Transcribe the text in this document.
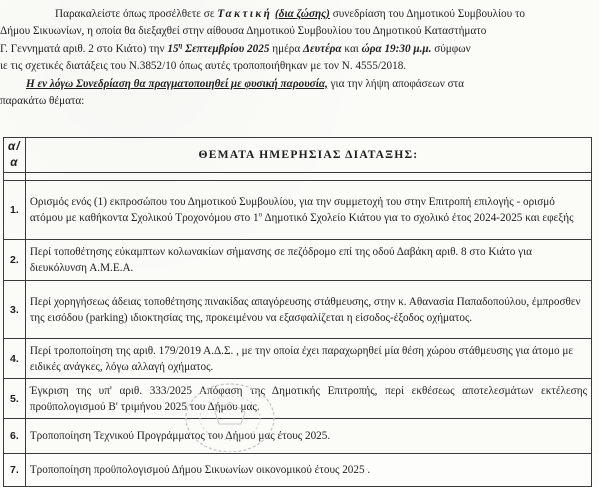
Παρακαλείστε όπως προσέλθετε σε Τακτική (δια ζώσης) συνεδρίαση του Δημοτικού Συμβουλίου το
Δήμου Σικυωνίων, η οποία θα διεξαχθεί στην αίθουσα Δημοτικού Συμβουλίου του Δημοτικού Καταστήματο
Γ. Γεννηματά αριθ. 2 στο Κιάτο) την $15^\eta$ Σεπτεμβρίου 2025 ημέρα Δευτέρα και ώρα 19:30 μ.μ. σύμφων
ιε τις σχετικές διατάξεις του Ν.3852/10 όπως αυτές τροποποιήθηκαν με τον Ν. 4555/2018.
Η εν λόγω Συνεδρίαση θα πραγματοποιηθεί με φυσική παρουσία, για την λήψη αποφάσεων στα
παρακάτω θέματα:
α/α	ΘΕΜΑΤΑ ΗΜΕΡΗΣΙΑΣ ΔΙΑΤΑΞΗΣ:

1.	Ορισμός ενός (1) εκπροσώπου του Δημοτικού Συμβουλίου, για την συμμετοχή του στην Επιτροπή επιλογής - ορισμό ατόμου με καθήκοντα Σχολικού Τροχονόμου στο $1^o$ Δημοτικό Σχολείο Κιάτου για το σχολικό έτος 2024-2025 και εφεξής
2.	Περί τοποθέτησης εύκαμπτων κολωνακίων σήμανσης σε πεζόδρομο επί της οδού Δαβάκη αριθ. 8 στο Κιάτο για διευκόλυνση Α.Μ.Ε.Α.
3.	Περί χορηγήσεως άδειας τοποθέτησης πινακίδας απαγόρευσης στάθμευσης, στην κ. Αθανασία Παπαδοπούλου, έμπροσθεν της εισόδου (parking) ιδιοκτησίας της, προκειμένου να εξασφαλίζεται η είσοδος-έξοδος οχήματος.
4.	Περί τροποποίηση της αριθ. 179/2019 Α.Δ.Σ. , με την οποία έχει παραχωρηθεί μία θέση χώρου στάθμευσης για άτομο με ειδικές ανάγκες, λόγω αλλαγή οχήματος.
5.	Έγκριση της υπ' αριθ. 333/2025 Απόφαση της Δημοτικής Επιτροπής, περί εκθέσεως αποτελεσμάτων εκτέλεσης προϋπολογισμού Β' τριμήνου 2025 του Δήμου μας.
6.	Τροποποίηση Τεχνικού Προγράμματος του Δήμου μας έτους 2025.
7.	Τροποποίηση προϋπολογισμού Δήμου Σικυωνίων οικονομικού έτους 2025 .
